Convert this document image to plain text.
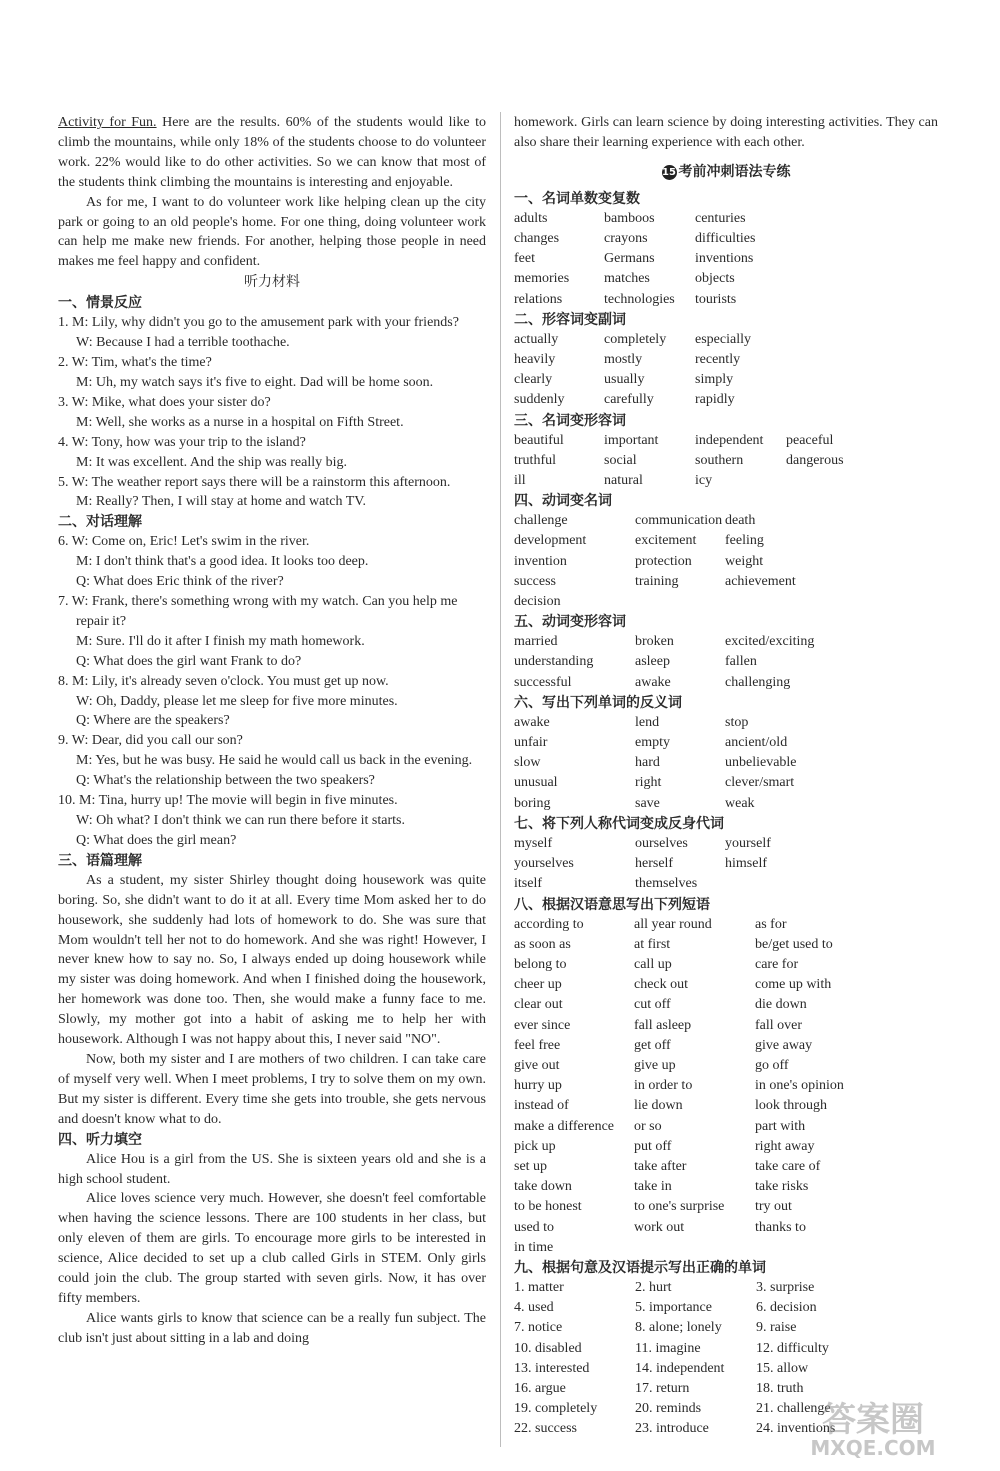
Activity for Fun. Here are the results. 60% of the students would like to climb the mountains, while only 18% of the students choose to do volunteer work. 22% would like to do other activities. So we can know that most of the students think climbing the mountains is interesting and enjoyable.

As for me, I want to do volunteer work like helping clean up the city park or going to an old people's home. For one thing, doing volunteer work can help me make new friends. For another, helping those people in need makes me feel happy and confident.

听力材料
一、情景反应
1. M: Lily, why didn't you go to the amusement park with your friends?
W: Because I had a terrible toothache.
2. W: Tim, what's the time?
M: Uh, my watch says it's five to eight. Dad will be home soon.
3. W: Mike, what does your sister do?
M: Well, she works as a nurse in a hospital on Fifth Street.
4. W: Tony, how was your trip to the island?
M: It was excellent. And the ship was really big.
5. W: The weather report says there will be a rainstorm this afternoon.
M: Really? Then, I will stay at home and watch TV.
二、对话理解
6. W: Come on, Eric! Let's swim in the river.
M: I don't think that's a good idea. It looks too deep.
Q: What does Eric think of the river?
7. W: Frank, there's something wrong with my watch. Can you help me repair it?
M: Sure. I'll do it after I finish my math homework.
Q: What does the girl want Frank to do?
8. M: Lily, it's already seven o'clock. You must get up now.
W: Oh, Daddy, please let me sleep for five more minutes.
Q: Where are the speakers?
9. W: Dear, did you call our son?
M: Yes, but he was busy. He said he would call us back in the evening.
Q: What's the relationship between the two speakers?
10. M: Tina, hurry up! The movie will begin in five minutes.
W: Oh what? I don't think we can run there before it starts.
Q: What does the girl mean?
三、语篇理解

As a student, my sister Shirley thought doing housework was quite boring. So, she didn't want to do it at all. Every time Mom asked her to do housework, she suddenly had lots of homework to do. She was sure that Mom wouldn't tell her not to do homework. And she was right! However, I never knew how to say no. So, I always ended up doing housework while my sister was doing homework. And when I finished doing the housework, her homework was done too. Then, she would make a funny face to me. Slowly, my mother got into a habit of asking me to help her with housework. Although I was not happy about this, I never said "NO".

Now, both my sister and I are mothers of two children. I can take care of myself very well. When I meet problems, I try to solve them on my own. But my sister is different. Every time she gets into trouble, she gets nervous and doesn't know what to do.

四、听力填空

Alice Hou is a girl from the US. She is sixteen years old and she is a high school student.

Alice loves science very much. However, she doesn't feel comfortable when having the science lessons. There are 100 students in her class, but only eleven of them are girls. To encourage more girls to be interested in science, Alice decided to set up a club called Girls in STEM. Only girls could join the club. The group started with seven girls. Now, it has over fifty members.

Alice wants girls to know that science can be a really fun subject. The club isn't just about sitting in a lab and doing

homework. Girls can learn science by doing interesting activities. They can also share their learning experience with each other.

15 考前冲刺语法专练
一、名词单数变复数
adults	bamboos	centuries
changes	crayons	difficulties
feet	Germans	inventions
memories	matches	objects
relations	technologies	tourists
二、形容词变副词
actually	completely	especially
heavily	mostly	recently
clearly	usually	simply
suddenly	carefully	rapidly
三、名词变形容词
beautiful	important	independent	peaceful
truthful	social	southern	dangerous
ill	natural	icy
四、动词变名词
challenge	communication death
development	excitement	feeling
invention	protection	weight
success	training	achievement
decision
五、动词变形容词
married	broken	excited/exciting
understanding	asleep	fallen
successful	awake	challenging
六、写出下列单词的反义词
awake	lend	stop
unfair	empty	ancient/old
slow	hard	unbelievable
unusual	right	clever/smart
boring	save	weak
七、将下列人称代词变成反身代词
myself	ourselves	yourself
yourselves	herself	himself
itself	themselves
八、根据汉语意思写出下列短语
according to	all year round	as for
as soon as	at first	be/get used to
belong to	call up	care for
cheer up	check out	come up with
clear out	cut off	die down
ever since	fall asleep	fall over
feel free	get off	give away
give out	give up	go off
hurry up	in order to	in one's opinion
instead of	lie down	look through
make a difference	or so	part with
pick up	put off	right away
set up	take after	take care of
take down	take in	take risks
to be honest	to one's surprise	try out
used to	work out	thanks to
in time
九、根据句意及汉语提示写出正确的单词
1. matter	2. hurt	3. surprise
4. used	5. importance	6. decision
7. notice	8. alone; lonely	9. raise
10. disabled	11. imagine	12. difficulty
13. interested	14. independent	15. allow
16. argue	17. return	18. truth
19. completely	20. reminds	21. challenge
22. success	23. introduce	24. inventions
答案圈
MXQE.COM
